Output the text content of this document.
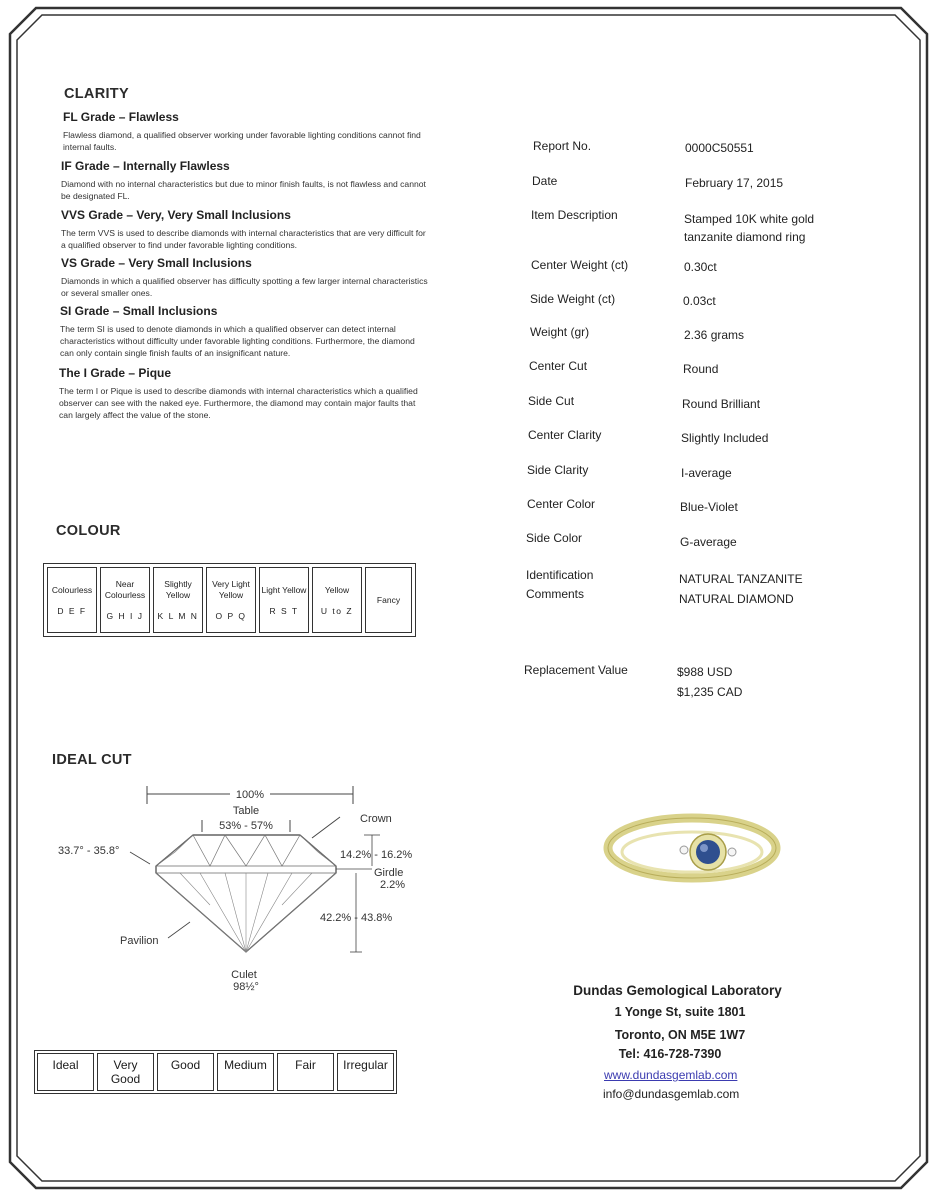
CLARITY
FL Grade – Flawless
Flawless diamond, a qualified observer working under favorable lighting conditions cannot find internal faults.
IF Grade – Internally Flawless
Diamond with no internal characteristics but due to minor finish faults, is not flawless and cannot be designated FL.
VVS Grade – Very, Very Small Inclusions
The term VVS is used to describe diamonds with internal characteristics that are very difficult for a qualified observer to find under favorable lighting conditions.
VS Grade – Very Small Inclusions
Diamonds in which a qualified observer has difficulty spotting a few larger internal characteristics or several smaller ones.
SI Grade – Small Inclusions
The term SI is used to denote diamonds in which a qualified observer can detect internal characteristics without difficulty under favorable lighting conditions. Furthermore, the diamond can only contain single finish faults of an insignificant nature.
The I Grade – Pique
The term I or Pique is used to describe diamonds with internal characteristics which a qualified observer can see with the naked eye. Furthermore, the diamond may contain major faults that can largely affect the value of the stone.
COLOUR
Colourless
D E F

Near Colourless
G H I J

Slightly Yellow
K L M N

Very Light Yellow
O P Q

Light Yellow
R S T

Yellow
U to Z

Fancy
IDEAL CUT
100%
Table
53% - 57%
Crown
33.7° - 35.8°	14.2% - 16.2%
Girdle
2.2%
42.2% - 43.8%
Pavilion
Culet
98½°
Ideal	Very Good
Good	Medium	Fair	Irregular
Report No.	0000C50551
Date	February 17, 2015
Item Description	Stamped 10K white gold tanzanite diamond ring
Center Weight (ct)	0.30ct
Side Weight (ct)	0.03ct
Weight (gr)	2.36 grams
Center Cut	Round
Side Cut	Round Brilliant
Center Clarity	Slightly Included
Side Clarity	I-average
Center Color	Blue-Violet
Side Color	G-average
Identification Comments
NATURAL TANZANITE NATURAL DIAMOND
Replacement Value	$988 USD
$1,235 CAD
Dundas Gemological Laboratory
1 Yonge St, suite 1801
Toronto, ON M5E 1W7
Tel: 416-728-7390
www.dundasgemlab.com
info@dundasgemlab.com
